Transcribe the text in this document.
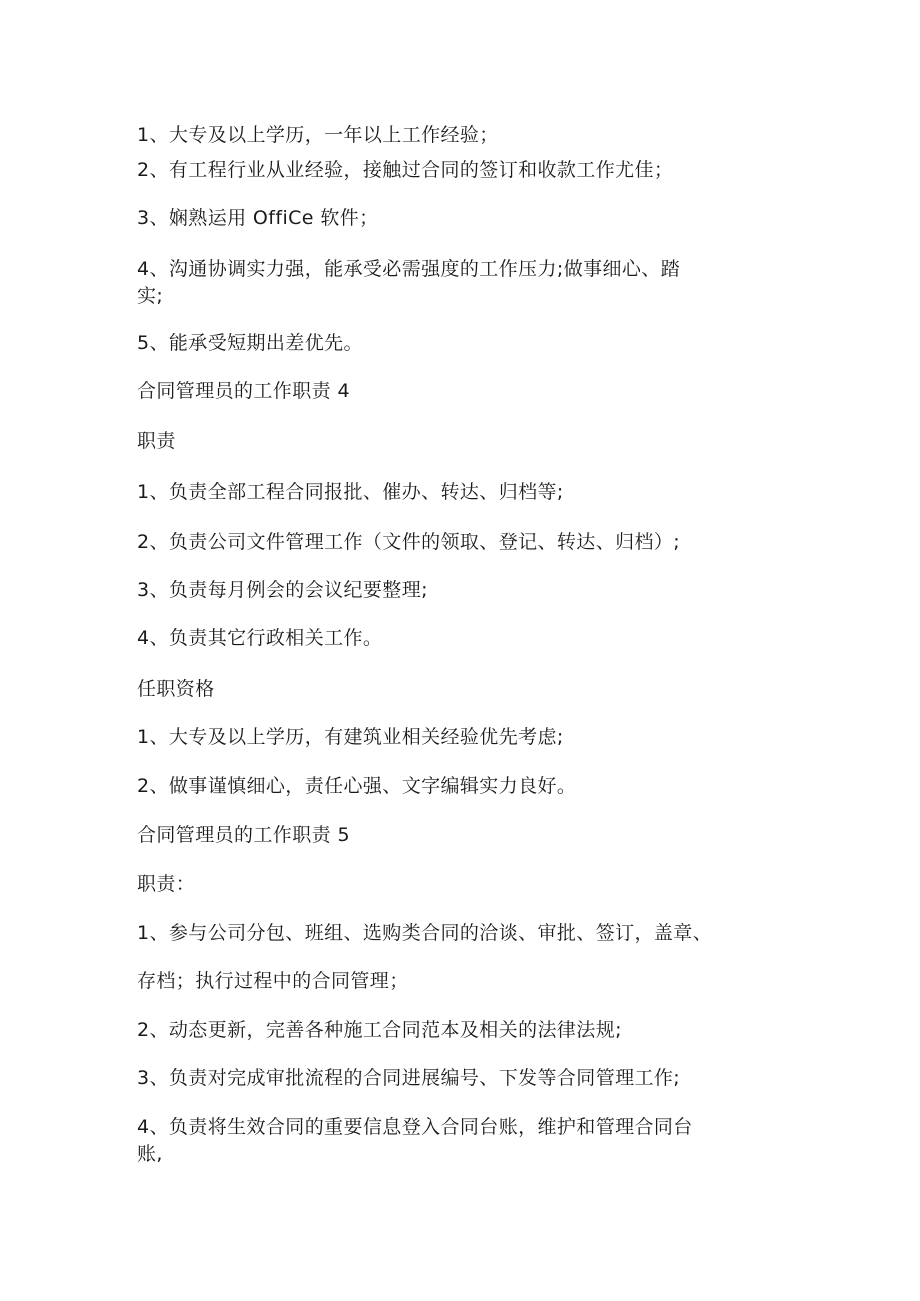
1、大专及以上学历，一年以上工作经验；
2、有工程行业从业经验，接触过合同的签订和收款工作尤佳；
3、娴熟运用 OffiCe 软件；
4、沟通协调实力强，能承受必需强度的工作压力;做事细心、踏
实;
5、能承受短期出差优先。
合同管理员的工作职责 4
职责
1、负责全部工程合同报批、催办、转达、归档等;
2、负责公司文件管理工作（文件的领取、登记、转达、归档）;
3、负责每月例会的会议纪要整理;
4、负责其它行政相关工作。
任职资格
1、大专及以上学历，有建筑业相关经验优先考虑;
2、做事谨慎细心，责任心强、文字编辑实力良好。
合同管理员的工作职责 5
职责：
1、参与公司分包、班组、选购类合同的洽谈、审批、签订，盖章、
存档；执行过程中的合同管理；
2、动态更新，完善各种施工合同范本及相关的法律法规;
3、负责对完成审批流程的合同进展编号、下发等合同管理工作;
4、负责将生效合同的重要信息登入合同台账，维护和管理合同台
账,
